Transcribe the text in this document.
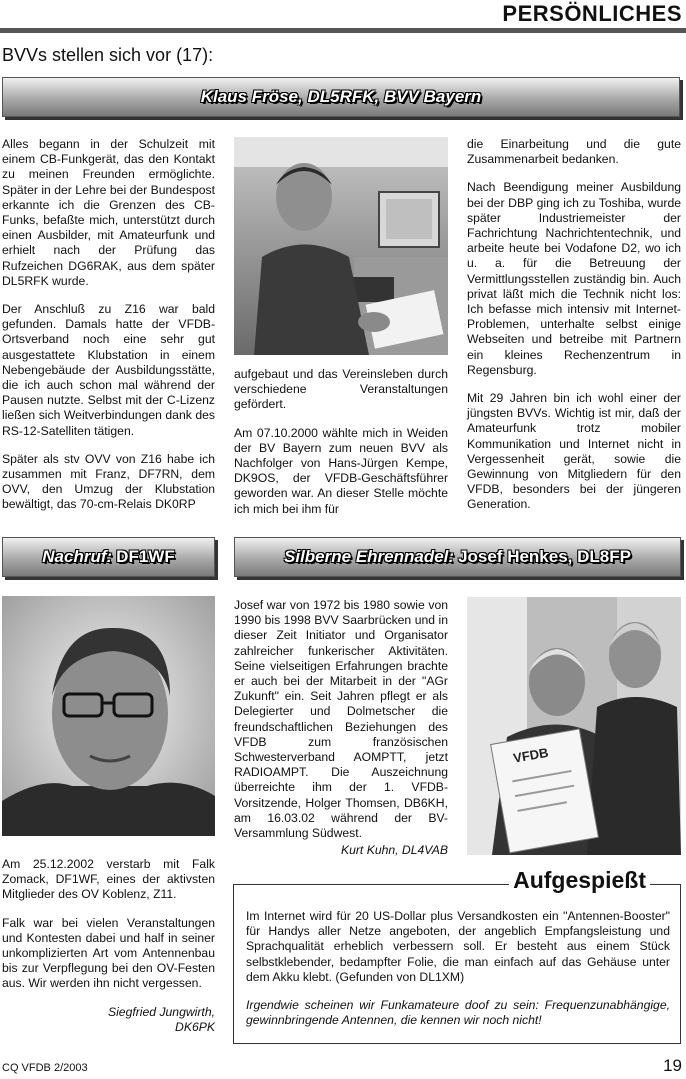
PERSÖNLICHES
BVVs stellen sich vor (17):
Klaus Fröse, DL5RFK, BVV Bayern

Alles begann in der Schulzeit mit einem CB-Funkgerät, das den Kontakt zu meinen Freunden ermöglichte. Später in der Lehre bei der Bundespost erkannte ich die Grenzen des CB-Funks, befaßte mich, unterstützt durch einen Ausbilder, mit Amateurfunk und erhielt nach der Prüfung das Rufzeichen DG6RAK, aus dem später DL5RFK wurde.

Der Anschluß zu Z16 war bald gefunden. Damals hatte der VFDB-Ortsverband noch eine sehr gut ausgestattete Klubstation in einem Nebengebäude der Ausbildungsstätte, die ich auch schon mal während der Pausen nutzte. Selbst mit der C-Lizenz ließen sich Weitverbindungen dank des RS-12-Satelliten tätigen.

Später als stv OVV von Z16 habe ich zusammen mit Franz, DF7RN, dem OVV, den Umzug der Klubstation bewältigt, das 70-cm-Relais DK0RP

aufgebaut und das Vereinsleben durch verschiedene Veranstaltungen gefördert.

Am 07.10.2000 wählte mich in Weiden der BV Bayern zum neuen BVV als Nachfolger von Hans-Jürgen Kempe, DK9OS, der VFDB-Geschäftsführer geworden war. An dieser Stelle möchte ich mich bei ihm für

die Einarbeitung und die gute Zusammenarbeit bedanken.

Nach Beendigung meiner Ausbildung bei der DBP ging ich zu Toshiba, wurde später Industriemeister der Fachrichtung Nachrichtentechnik, und arbeite heute bei Vodafone D2, wo ich u. a. für die Betreuung der Vermittlungsstellen zuständig bin. Auch privat läßt mich die Technik nicht los: Ich befasse mich intensiv mit Internet-Problemen, unterhalte selbst einige Webseiten und betreibe mit Partnern ein kleines Rechenzentrum in Regensburg.

Mit 29 Jahren bin ich wohl einer der jüngsten BVVs. Wichtig ist mir, daß der Amateurfunk trotz mobiler Kommunikation und Internet nicht in Vergessenheit gerät, sowie die Gewinnung von Mitgliedern für den VFDB, besonders bei der jüngeren Generation.

Nachruf: DF1WF

Am 25.12.2002 verstarb mit Falk Zomack, DF1WF, eines der aktivsten Mitglieder des OV Koblenz, Z11.

Falk war bei vielen Veranstaltungen und Kontesten dabei und half in seiner unkomplizierten Art vom Antennenbau bis zur Verpflegung bei den OV-Festen aus. Wir werden ihn nicht vergessen.

Siegfried Jungwirth,
DK6PK
Silberne Ehrennadel: Josef Henkes, DL8FP

Josef war von 1972 bis 1980 sowie von 1990 bis 1998 BVV Saarbrücken und in dieser Zeit Initiator und Organisator zahlreicher funkerischer Aktivitäten. Seine vielseitigen Erfahrungen brachte er auch bei der Mitarbeit in der "AGr Zukunft" ein. Seit Jahren pflegt er als Delegierter und Dolmetscher die freundschaftlichen Beziehungen des VFDB zum französischen Schwesterverband AOMPTT, jetzt RADIOAMPT. Die Auszeichnung überreichte ihm der 1. VFDB-Vorsitzende, Holger Thomsen, DB6KH, am 16.03.02 während der BV-Versammlung Südwest.

Kurt Kuhn, DL4VAB
VFDB
Aufgespießt

Im Internet wird für 20 US-Dollar plus Versandkosten ein "Antennen-Booster" für Handys aller Netze angeboten, der angeblich Empfangsleistung und Sprachqualität erheblich verbessern soll. Er besteht aus einem Stück selbstklebender, bedampfter Folie, die man einfach auf das Gehäuse unter dem Akku klebt. (Gefunden von DL1XM)

Irgendwie scheinen wir Funkamateure doof zu sein: Frequenzunabhängige, gewinnbringende Antennen, die kennen wir noch nicht!

CQ VFDB 2/2003	19
